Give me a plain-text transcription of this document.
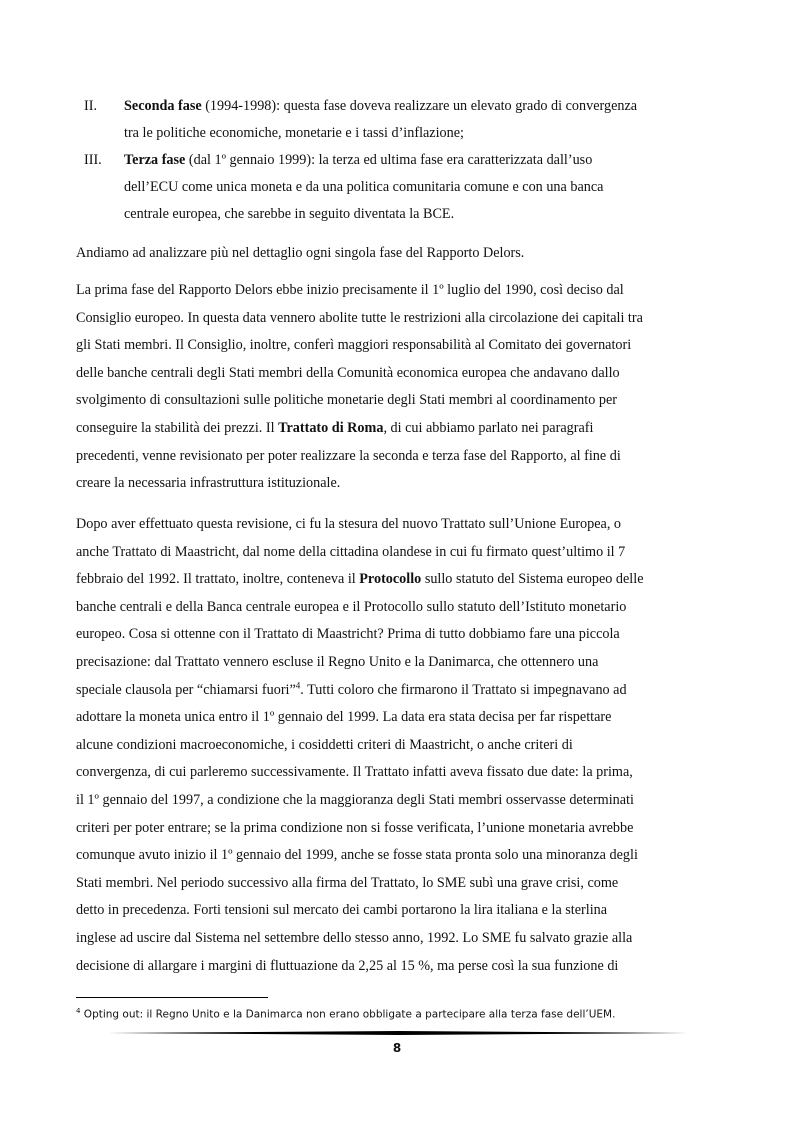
II. Seconda fase (1994-1998): questa fase doveva realizzare un elevato grado di convergenza
tra le politiche economiche, monetarie e i tassi d’inflazione;

III. Terza fase (dal 1º gennaio 1999): la terza ed ultima fase era caratterizzata dall’uso
dell’ECU come unica moneta e da una politica comunitaria comune e con una banca
centrale europea, che sarebbe in seguito diventata la BCE.

Andiamo ad analizzare più nel dettaglio ogni singola fase del Rapporto Delors.

La prima fase del Rapporto Delors ebbe inizio precisamente il 1º luglio del 1990, così deciso dal
Consiglio europeo. In questa data vennero abolite tutte le restrizioni alla circolazione dei capitali tra
gli Stati membri. Il Consiglio, inoltre, conferì maggiori responsabilità al Comitato dei governatori
delle banche centrali degli Stati membri della Comunità economica europea che andavano dallo
svolgimento di consultazioni sulle politiche monetarie degli Stati membri al coordinamento per
conseguire la stabilità dei prezzi. Il Trattato di Roma, di cui abbiamo parlato nei paragrafi
precedenti, venne revisionato per poter realizzare la seconda e terza fase del Rapporto, al fine di
creare la necessaria infrastruttura istituzionale.

Dopo aver effettuato questa revisione, ci fu la stesura del nuovo Trattato sull’Unione Europea, o
anche Trattato di Maastricht, dal nome della cittadina olandese in cui fu firmato quest’ultimo il 7
febbraio del 1992. Il trattato, inoltre, conteneva il Protocollo sullo statuto del Sistema europeo delle
banche centrali e della Banca centrale europea e il Protocollo sullo statuto dell’Istituto monetario
europeo. Cosa si ottenne con il Trattato di Maastricht? Prima di tutto dobbiamo fare una piccola
precisazione: dal Trattato vennero escluse il Regno Unito e la Danimarca, che ottennero una
speciale clausola per “chiamarsi fuori”$^4$. Tutti coloro che firmarono il Trattato si impegnavano ad
adottare la moneta unica entro il 1º gennaio del 1999. La data era stata decisa per far rispettare
alcune condizioni macroeconomiche, i cosiddetti criteri di Maastricht, o anche criteri di
convergenza, di cui parleremo successivamente. Il Trattato infatti aveva fissato due date: la prima,
il 1º gennaio del 1997, a condizione che la maggioranza degli Stati membri osservasse determinati
criteri per poter entrare; se la prima condizione non si fosse verificata, l’unione monetaria avrebbe
comunque avuto inizio il 1º gennaio del 1999, anche se fosse stata pronta solo una minoranza degli
Stati membri. Nel periodo successivo alla firma del Trattato, lo SME subì una grave crisi, come
detto in precedenza. Forti tensioni sul mercato dei cambi portarono la lira italiana e la sterlina
inglese ad uscire dal Sistema nel settembre dello stesso anno, 1992. Lo SME fu salvato grazie alla
decisione di allargare i margini di fluttuazione da 2,25 al 15 %, ma perse così la sua funzione di

$^4$ Opting out: il Regno Unito e la Danimarca non erano obbligate a partecipare alla terza fase dell’UEM.
8
